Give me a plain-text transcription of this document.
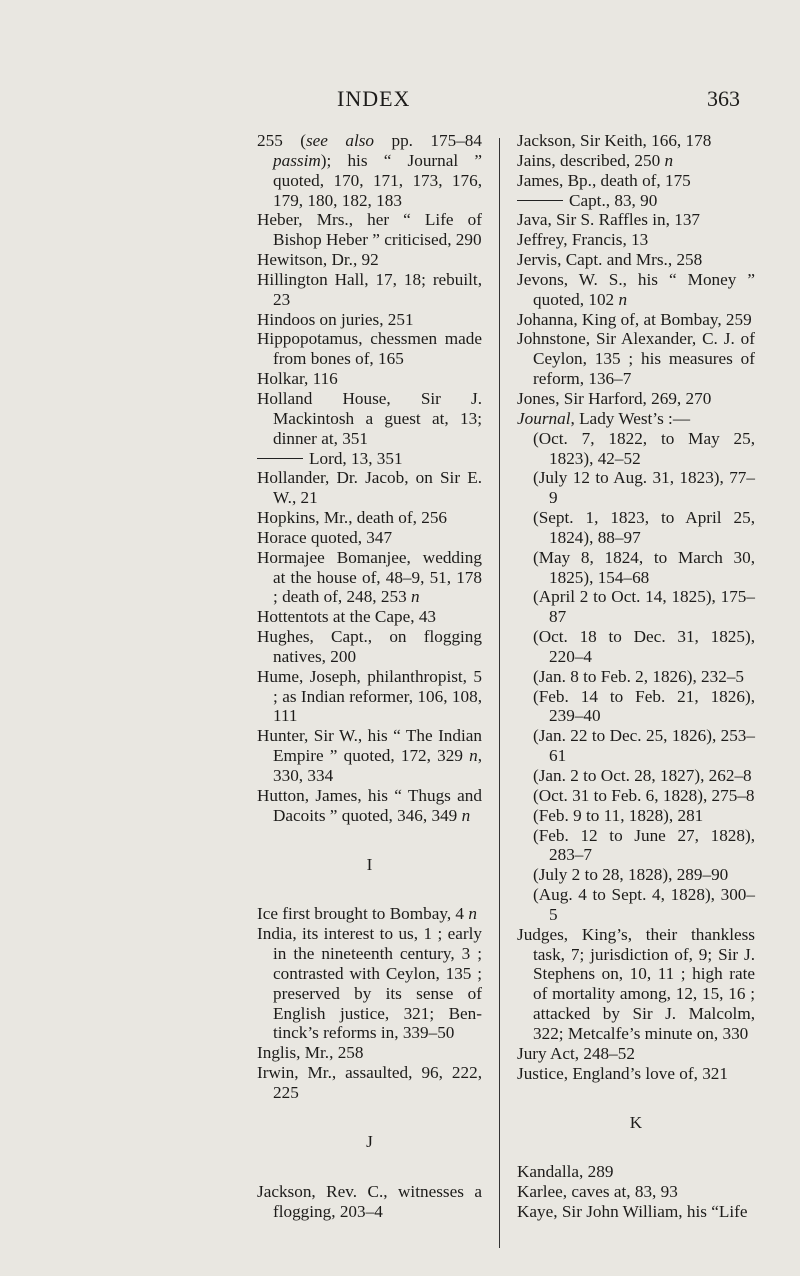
INDEX	363

255 (see also pp. 175–84 passim); his “ Journal ” quoted, 170, 171, 173, 176, 179, 180, 182, 183

Heber, Mrs., her “ Life of Bishop Heber ” criticised, 290

Hewitson, Dr., 92

Hillington Hall, 17, 18; rebuilt, 23

Hindoos on juries, 251

Hippopotamus, chessmen made from bones of, 165

Holkar, 116

Holland House, Sir J. Mackintosh a guest at, 13; dinner at, 351

Lord, 13, 351

Hollander, Dr. Jacob, on Sir E. W., 21

Hopkins, Mr., death of, 256

Horace quoted, 347

Hormajee Bomanjee, wedding at the house of, 48–9, 51, 178 ; death of, 248, 253 n

Hottentots at the Cape, 43

Hughes, Capt., on flogging natives, 200

Hume, Joseph, philanthropist, 5 ; as Indian reformer, 106, 108, 111

Hunter, Sir W., his “ The Indian Empire ” quoted, 172, 329 n, 330, 334

Hutton, James, his “ Thugs and Dacoits ” quoted, 346, 349 n

I

Ice first brought to Bombay, 4 n

India, its interest to us, 1 ; early in the nineteenth century, 3 ; contrasted with Ceylon, 135 ; preserved by its sense of English justice, 321; Ben-tinck’s reforms in, 339–50

Inglis, Mr., 258

Irwin, Mr., assaulted, 96, 222, 225

J

Jackson, Rev. C., witnesses a flogging, 203–4

Jackson, Sir Keith, 166, 178

Jains, described, 250 n

James, Bp., death of, 175

Capt., 83, 90

Java, Sir S. Raffles in, 137

Jeffrey, Francis, 13

Jervis, Capt. and Mrs., 258

Jevons, W. S., his “ Money ” quoted, 102 n

Johanna, King of, at Bombay, 259

Johnstone, Sir Alexander, C. J. of Ceylon, 135 ; his measures of reform, 136–7

Jones, Sir Harford, 269, 270

Journal, Lady West’s :—

(Oct. 7, 1822, to May 25, 1823), 42–52

(July 12 to Aug. 31, 1823), 77–9

(Sept. 1, 1823, to April 25, 1824), 88–97

(May 8, 1824, to March 30, 1825), 154–68

(April 2 to Oct. 14, 1825), 175–87

(Oct. 18 to Dec. 31, 1825), 220–4

(Jan. 8 to Feb. 2, 1826), 232–5

(Feb. 14 to Feb. 21, 1826), 239–40

(Jan. 22 to Dec. 25, 1826), 253–61

(Jan. 2 to Oct. 28, 1827), 262–8

(Oct. 31 to Feb. 6, 1828), 275–8

(Feb. 9 to 11, 1828), 281

(Feb. 12 to June 27, 1828), 283–7

(July 2 to 28, 1828), 289–90

(Aug. 4 to Sept. 4, 1828), 300–5

Judges, King’s, their thankless task, 7; jurisdiction of, 9; Sir J. Stephens on, 10, 11 ; high rate of mortality among, 12, 15, 16 ; attacked by Sir J. Malcolm, 322; Metcalfe’s minute on, 330

Jury Act, 248–52

Justice, England’s love of, 321

K

Kandalla, 289

Karlee, caves at, 83, 93

Kaye, Sir John William, his “Life
